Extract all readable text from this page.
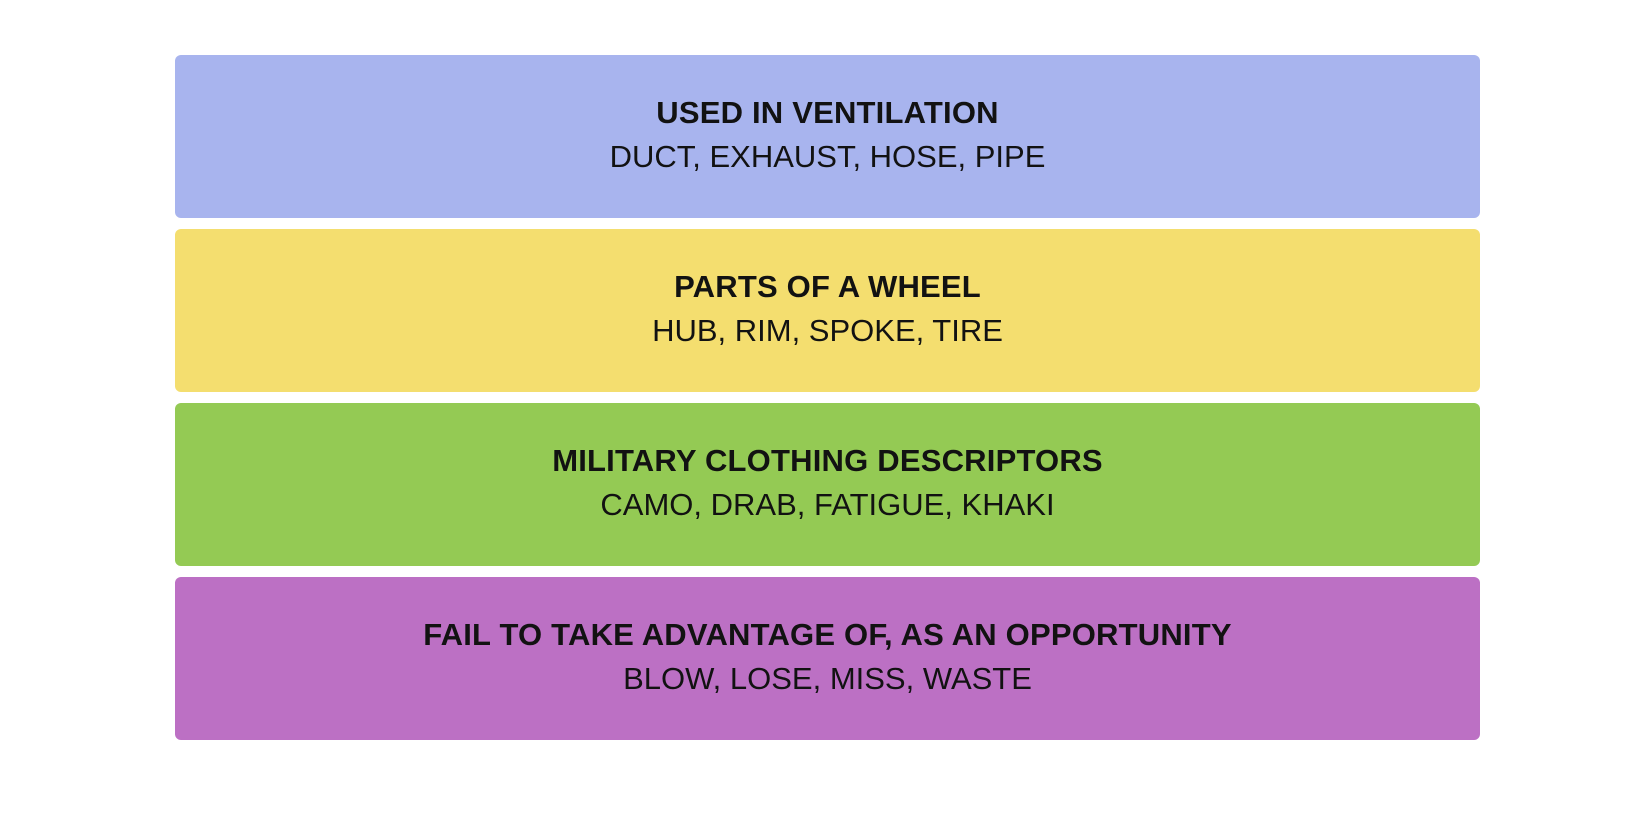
USED IN VENTILATION
DUCT, EXHAUST, HOSE, PIPE
PARTS OF A WHEEL
HUB, RIM, SPOKE, TIRE
MILITARY CLOTHING DESCRIPTORS
CAMO, DRAB, FATIGUE, KHAKI
FAIL TO TAKE ADVANTAGE OF, AS AN OPPORTUNITY
BLOW, LOSE, MISS, WASTE
